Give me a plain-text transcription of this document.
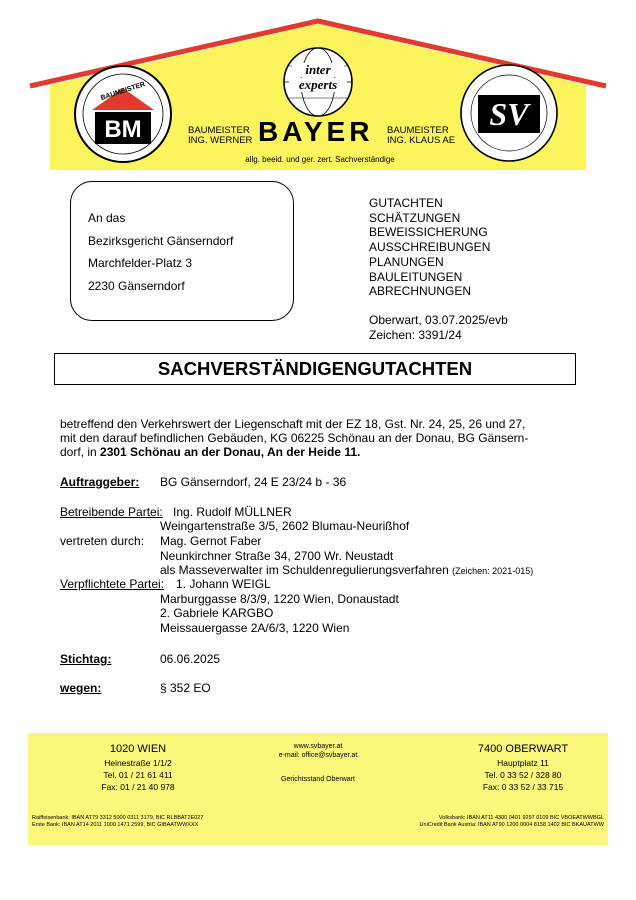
BM
BAUMEISTER
inter
experts
SV
BAUMEISTER
ING. WERNER BAYER BAUMEISTER
ING. KLAUS AE
allg. beeid. und ger. zert. Sachverständige
An das
Bezirksgericht Gänserndorf
Marchfelder-Platz 3
2230 Gänserndorf
GUTACHTEN
SCHÄTZUNGEN
BEWEISSICHERUNG
AUSSCHREIBUNGEN
PLANUNGEN
BAULEITUNGEN
ABRECHNUNGEN
Oberwart, 03.07.2025/evb
Zeichen: 3391/24
SACHVERSTÄNDIGENGUTACHTEN
betreffend den Verkehrswert der Liegenschaft mit der EZ 18, Gst. Nr. 24, 25, 26 und 27,
mit den darauf befindlichen Gebäuden, KG 06225 Schönau an der Donau, BG Gänsern-
dorf, in 2301 Schönau an der Donau, An der Heide 11.
Auftraggeber: BG Gänserndorf, 24 E 23/24 b - 36
Betreibende Partei: Ing. Rudolf MÜLLNER
Weingartenstraße 3/5, 2602 Blumau-Neurißhof
vertreten durch: Mag. Gernot Faber
Neunkirchner Straße 34, 2700 Wr. Neustadt
als Masseverwalter im Schuldenregulierungsverfahren (Zeichen: 2021-015)
Verpflichtete Partei: 1. Johann WEIGL
Marburggasse 8/3/9, 1220 Wien, Donaustadt
2. Gabriele KARGBO
Meissauergasse 2A/6/3, 1220 Wien
Stichtag:	06.06.2025
wegen:	§ 352 EO
1020 WIEN
Heinestraße 1/1/2
Tel. 01 / 21 61 411
Fax: 01 / 21 40 978
www.svbayer.at
e-mail: office@svbayer.at
Gerichtsstand Oberwart
7400 OBERWART
Hauptplatz 11
Tel. 0 33 52 / 328 80
Fax: 0 33 52 / 33 715
Raiffeisenbank: IBAN AT79 3312 5000 0311 3179, BIC RLBBAT2E027
Erste Bank: IBAN AT14 2011 1000 1471 2599, BIC GIBAATWWXXX
Volksbank: IBAN AT11 4300 0401 9297 0109 BIC VBOEATWWBGL
UniCredit Bank Austria: IBAN AT90 1200 0004 8158 1402 BIC BKAUATWW
